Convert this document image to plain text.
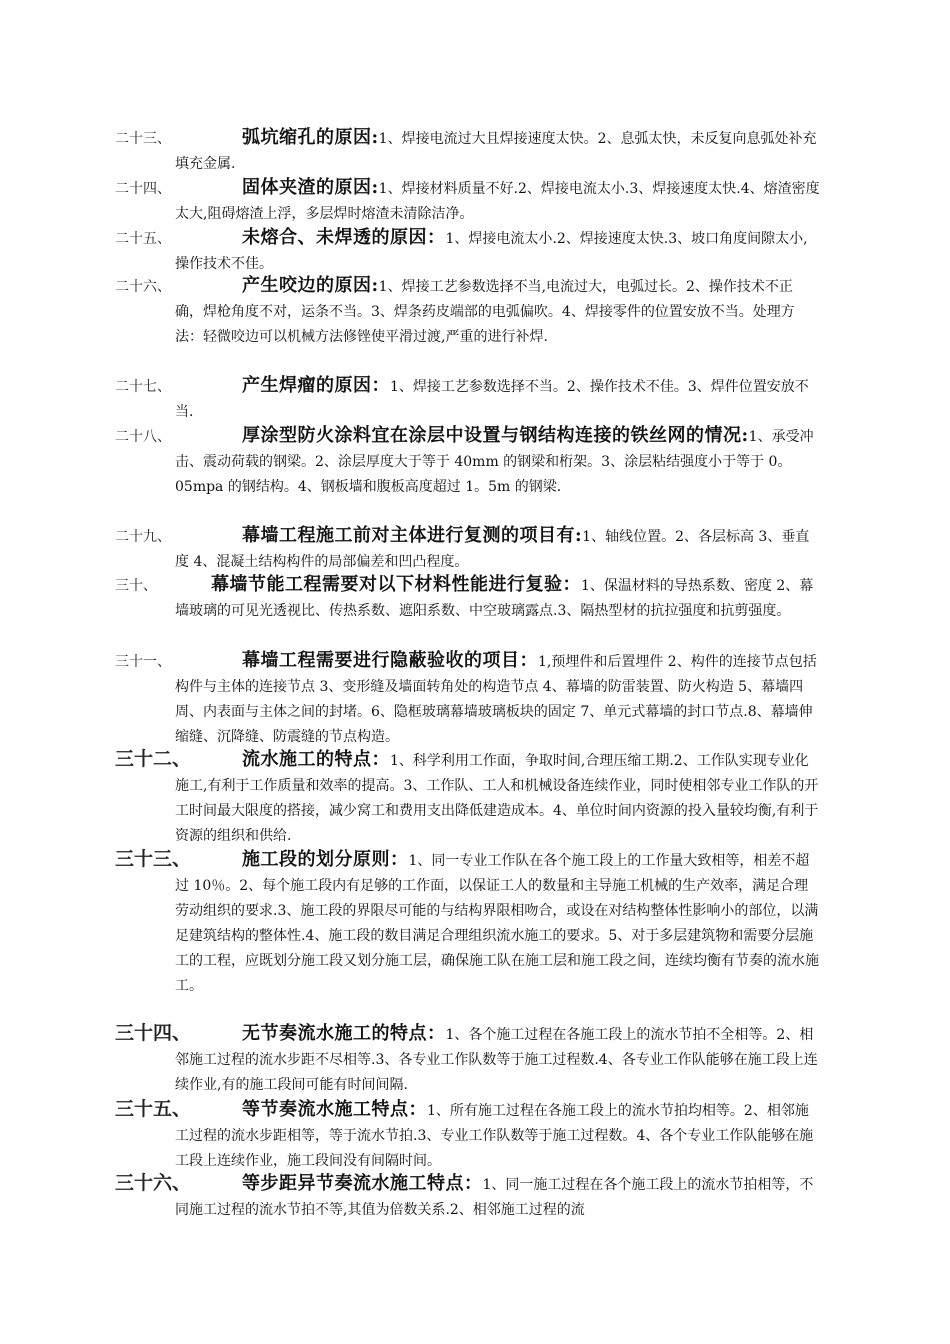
二十三、	弧坑缩孔的原因:1、焊接电流过大且焊接速度太快。2、息弧太快，未反复向息弧处补充填充金属.
二十四、	固体夹渣的原因:1、焊接材料质量不好.2、焊接电流太小.3、焊接速度太快.4、熔渣密度太大,阻碍熔渣上浮，多层焊时熔渣未清除洁净。
二十五、	未熔合、未焊透的原因：1、焊接电流太小.2、焊接速度太快.3、坡口角度间隙太小,操作技术不佳。
二十六、	产生咬边的原因:1、焊接工艺参数选择不当,电流过大，电弧过长。2、操作技术不正确，焊枪角度不对，运条不当。3、焊条药皮端部的电弧偏吹。4、焊接零件的位置安放不当。处理方法：轻微咬边可以机械方法修锉使平滑过渡,严重的进行补焊.
二十七、	产生焊瘤的原因：1、焊接工艺参数选择不当。2、操作技术不佳。3、焊件位置安放不当.
二十八、	厚涂型防火涂料宜在涂层中设置与钢结构连接的铁丝网的情况:1、承受冲击、震动荷载的钢梁。2、涂层厚度大于等于 40mm 的钢梁和桁架。3、涂层粘结强度小于等于 0。05mpa 的钢结构。4、钢板墙和腹板高度超过 1。5m 的钢梁.
二十九、	幕墙工程施工前对主体进行复测的项目有:1、轴线位置。2、各层标高 3、垂直度 4、混凝土结构构件的局部偏差和凹凸程度。
三十、	幕墙节能工程需要对以下材料性能进行复验：1、保温材料的导热系数、密度 2、幕墙玻璃的可见光透视比、传热系数、遮阳系数、中空玻璃露点.3、隔热型材的抗拉强度和抗剪强度。
三十一、	幕墙工程需要进行隐蔽验收的项目：1,预埋件和后置埋件 2、构件的连接节点包括构件与主体的连接节点 3、变形缝及墙面转角处的构造节点 4、幕墙的防雷装置、防火构造 5、幕墙四周、内表面与主体之间的封堵。6、隐框玻璃幕墙玻璃板块的固定 7、单元式幕墙的封口节点.8、幕墙伸缩缝、沉降缝、防震缝的节点构造。
三十二、	流水施工的特点：1、科学利用工作面，争取时间,合理压缩工期.2、工作队实现专业化施工,有利于工作质量和效率的提高。3、工作队、工人和机械设备连续作业，同时使相邻专业工作队的开工时间最大限度的搭接，减少窝工和费用支出降低建造成本。4、单位时间内资源的投入量较均衡,有利于资源的组织和供给.
三十三、	施工段的划分原则：1、同一专业工作队在各个施工段上的工作量大致相等，相差不超过 10％。2、每个施工段内有足够的工作面，以保证工人的数量和主导施工机械的生产效率，满足合理劳动组织的要求.3、施工段的界限尽可能的与结构界限相吻合，或设在对结构整体性影响小的部位，以满足建筑结构的整体性.4、施工段的数目满足合理组织流水施工的要求。5、对于多层建筑物和需要分层施工的工程，应既划分施工段又划分施工层，确保施工队在施工层和施工段之间，连续均衡有节奏的流水施工。
三十四、	无节奏流水施工的特点：1、各个施工过程在各施工段上的流水节拍不全相等。2、相邻施工过程的流水步距不尽相等.3、各专业工作队数等于施工过程数.4、各专业工作队能够在施工段上连续作业,有的施工段间可能有时间间隔.
三十五、	等节奏流水施工特点：1、所有施工过程在各施工段上的流水节拍均相等。2、相邻施工过程的流水步距相等，等于流水节拍.3、专业工作队数等于施工过程数。4、各个专业工作队能够在施工段上连续作业，施工段间没有间隔时间。
三十六、	等步距异节奏流水施工特点：1、同一施工过程在各个施工段上的流水节拍相等，不同施工过程的流水节拍不等,其值为倍数关系.2、相邻施工过程的流
